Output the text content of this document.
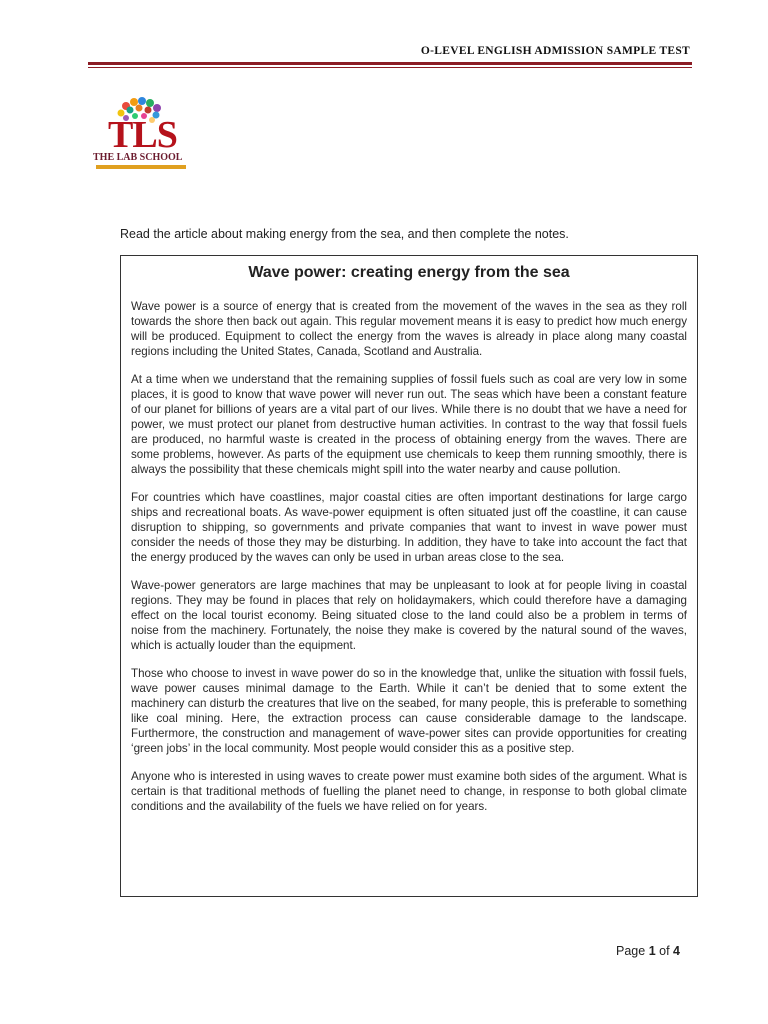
O-LEVEL ENGLISH ADMISSION SAMPLE TEST
TLS
THE LAB SCHOOL
Read the article about making energy from the sea, and then complete the notes.
Wave power: creating energy from the sea

Wave power is a source of energy that is created from the movement of the waves in the sea as they roll towards the shore then back out again. This regular movement means it is easy to predict how much energy will be produced. Equipment to collect the energy from the waves is already in place along many coastal regions including the United States, Canada, Scotland and Australia.

At a time when we understand that the remaining supplies of fossil fuels such as coal are very low in some places, it is good to know that wave power will never run out. The seas which have been a constant feature of our planet for billions of years are a vital part of our lives. While there is no doubt that we have a need for power, we must protect our planet from destructive human activities. In contrast to the way that fossil fuels are produced, no harmful waste is created in the process of obtaining energy from the waves. There are some problems, however. As parts of the equipment use chemicals to keep them running smoothly, there is always the possibility that these chemicals might spill into the water nearby and cause pollution.

For countries which have coastlines, major coastal cities are often important destinations for large cargo ships and recreational boats. As wave-power equipment is often situated just off the coastline, it can cause disruption to shipping, so governments and private companies that want to invest in wave power must consider the needs of those they may be disturbing. In addition, they have to take into account the fact that the energy produced by the waves can only be used in urban areas close to the sea.

Wave-power generators are large machines that may be unpleasant to look at for people living in coastal regions. They may be found in places that rely on holidaymakers, which could therefore have a damaging effect on the local tourist economy. Being situated close to the land could also be a problem in terms of noise from the machinery. Fortunately, the noise they make is covered by the natural sound of the waves, which is actually louder than the equipment.

Those who choose to invest in wave power do so in the knowledge that, unlike the situation with fossil fuels, wave power causes minimal damage to the Earth. While it can’t be denied that to some extent the machinery can disturb the creatures that live on the seabed, for many people, this is preferable to something like coal mining. Here, the extraction process can cause considerable damage to the landscape. Furthermore, the construction and management of wave-power sites can provide opportunities for creating ‘green jobs’ in the local community. Most people would consider this as a positive step.

Anyone who is interested in using waves to create power must examine both sides of the argument. What is certain is that traditional methods of fuelling the planet need to change, in response to both global climate conditions and the availability of the fuels we have relied on for years.

Page 1 of 4
